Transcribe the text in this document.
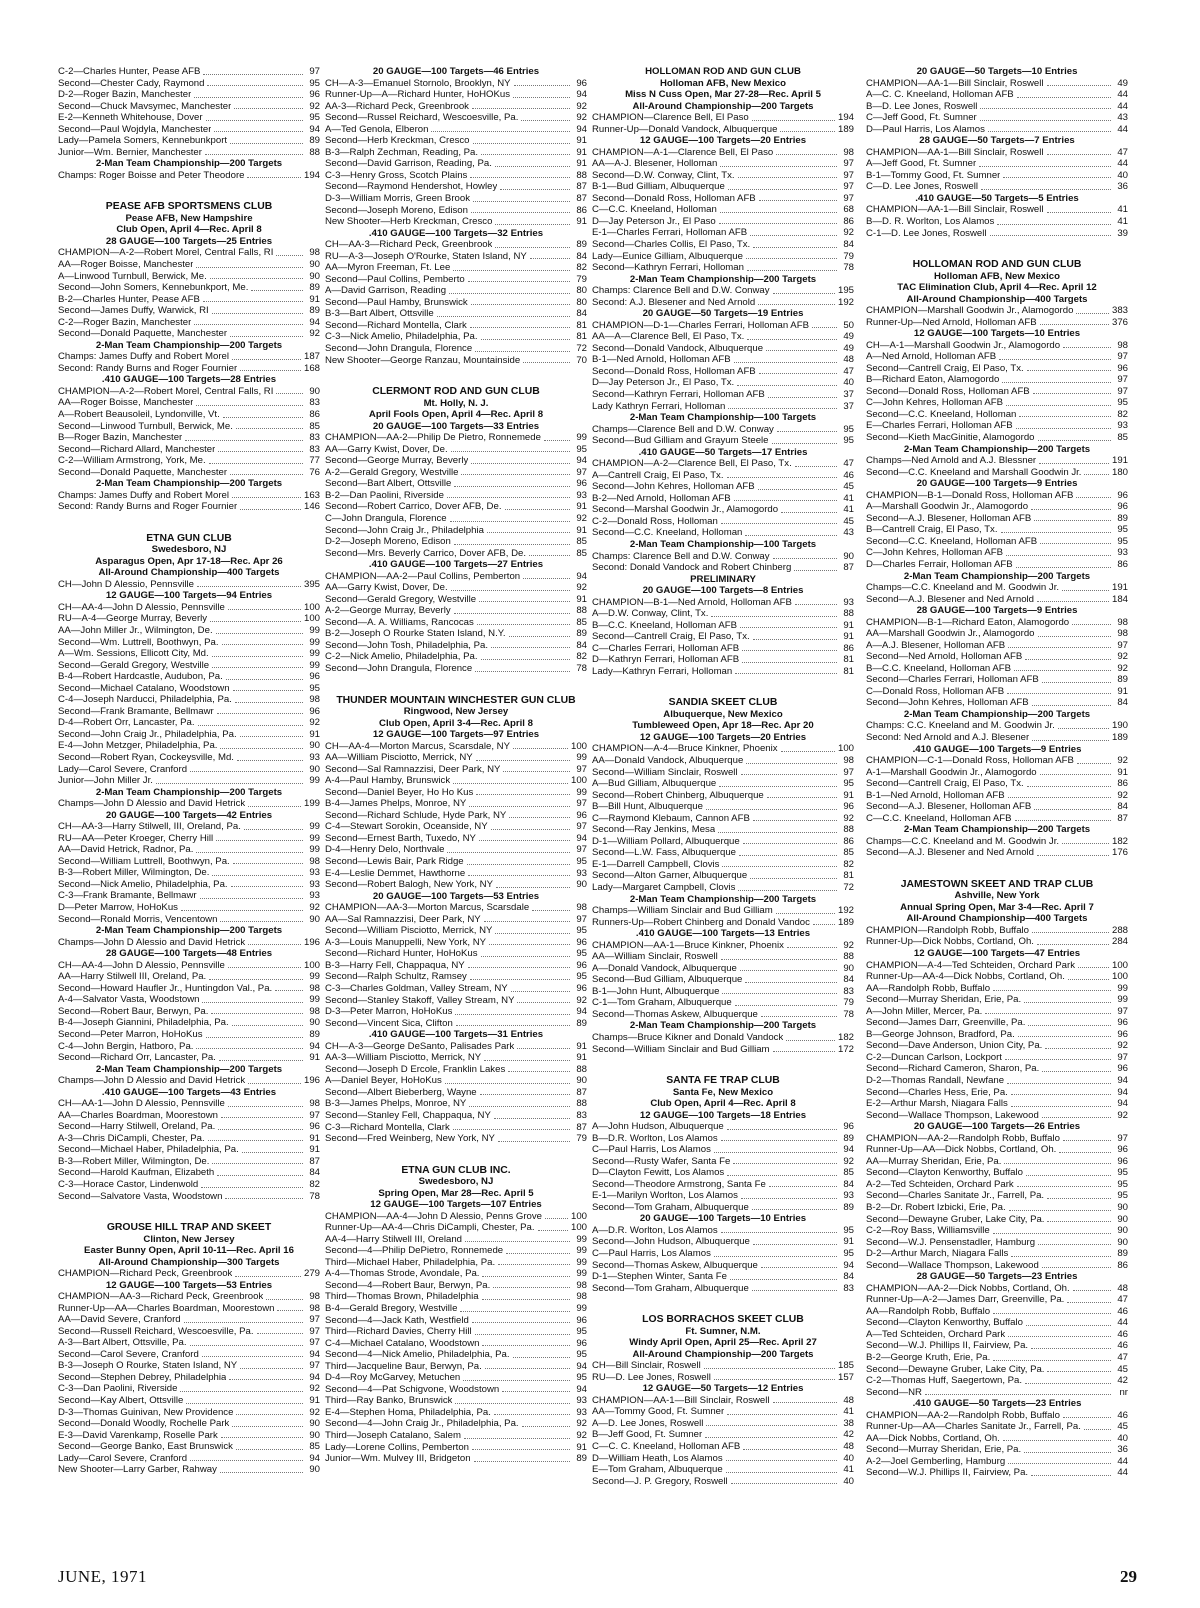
C-2—Charles Hunter, Pease AFB	97
Second—Chester Cady, Raymond	95
D-2—Roger Bazin, Manchester	96
Second—Chuck Mavsymec, Manchester	92
E-2—Kenneth Whitehouse, Dover	95
Second—Paul Wojdyla, Manchester	94
Lady—Pamela Somers, Kennebunkport	89
Junior—Wm. Bernier, Manchester	88
2-Man Team Championship—200 Targets
Champs: Roger Boisse and Peter Theodore	194
PEASE AFB SPORTSMENS CLUB
Pease AFB, New Hampshire
Club Open, April 4—Rec. April 8
28 GAUGE—100 Targets—25 Entries
CHAMPION—A-2—Robert Morel, Central Falls, RI	98
AA—Roger Boisse, Manchester	90
A—Linwood Turnbull, Berwick, Me.	90
Second—John Somers, Kennebunkport, Me.	89
B-2—Charles Hunter, Pease AFB	91
Second—James Duffy, Warwick, RI	89
C-2—Roger Bazin, Manchester	94
Second—Donald Paquette, Manchester	92
2-Man Team Championship—200 Targets
Champs: James Duffy and Robert Morel	187
Second: Randy Burns and Roger Fournier	168
.410 GAUGE—100 Targets—28 Entries
CHAMPION—A-2—Robert Morel, Central Falls, RI	90
AA—Roger Boisse, Manchester	83
A—Robert Beausoleil, Lyndonville, Vt.	86
Second—Linwood Turnbull, Berwick, Me.	85
B—Roger Bazin, Manchester	83
Second—Richard Allard, Manchester	83
C-2—William Armstrong, York, Me.	77
Second—Donald Paquette, Manchester	76
2-Man Team Championship—200 Targets
Champs: James Duffy and Robert Morel	163
Second: Randy Burns and Roger Fournier	146
ETNA GUN CLUB
Swedesboro, NJ
Asparagus Open, Apr 17-18—Rec. Apr 26
All-Around Championship—400 Targets
CH—John D Alessio, Pennsville	395
12 GAUGE—100 Targets—94 Entries
CH—AA-4—John D Alessio, Pennsville	100
RU—A-4—George Murray, Beverly	100
AA—John Miller Jr., Wilmington, De.	99
Second—Wm. Luttrell, Boothwyn, Pa.	99
A—Wm. Sessions, Ellicott City, Md.	99
Second—Gerald Gregory, Westville	99
B-4—Robert Hardcastle, Audubon, Pa.	96
Second—Michael Catalano, Woodstown	95
C-4—Joseph Narducci, Philadelphia, Pa.	98
Second—Frank Bramante, Bellmawr	96
D-4—Robert Orr, Lancaster, Pa.	92
Second—John Craig Jr., Philadelphia, Pa.	91
E-4—John Metzger, Philadelphia, Pa.	90
Second—Robert Ryan, Cockeysville, Md.	93
Lady—Carol Severe, Cranford	90
Junior—John Miller Jr.	99
2-Man Team Championship—200 Targets
Champs—John D Alessio and David Hetrick	199
20 GAUGE—100 Targets—42 Entries
CH—AA-3—Harry Stilwell, III, Oreland, Pa.	99
RU—AA—Peter Kroeger, Cherry Hill	99
AA—David Hetrick, Radnor, Pa.	99
Second—William Luttrell, Boothwyn, Pa.	98
B-3—Robert Miller, Wilmington, De.	93
Second—Nick Amelio, Philadelphia, Pa.	93
C-3—Frank Bramante, Bellmawr	93
D—Peter Marrow, HoHoKus	92
Second—Ronald Morris, Vencentown	90
2-Man Team Championship—200 Targets
Champs—John D Alessio and David Hetrick	196
28 GAUGE—100 Targets—48 Entries
CH—AA-4—John D Alessio, Pennsville	100
AA—Harry Stilwell III, Oreland, Pa.	99
Second—Howard Haufler Jr., Huntingdon Val., Pa.	98
A-4—Salvator Vasta, Woodstown	99
Second—Robert Baur, Berwyn, Pa.	98
B-4—Joseph Giannini, Philadelphia, Pa.	90
Second—Peter Marron, HoHoKus	89
C-4—John Bergin, Hatboro, Pa.	94
Second—Richard Orr, Lancaster, Pa.	91
2-Man Team Championship—200 Targets
Champs—John D Alessio and David Hetrick	196
.410 GAUGE—100 Targets—43 Entries
CH—AA-1—John D Alessio, Pennsville	98
AA—Charles Boardman, Moorestown	97
Second—Harry Stilwell, Oreland, Pa.	96
A-3—Chris DiCampli, Chester, Pa.	91
Second—Michael Haber, Philadelphia, Pa.	91
B-3—Robert Miller, Wilmington, De.	87
Second—Harold Kaufman, Elizabeth	84
C-3—Horace Castor, Lindenwold	82
Second—Salvatore Vasta, Woodstown	78
GROUSE HILL TRAP AND SKEET
Clinton, New Jersey
Easter Bunny Open, April 10-11—Rec. April 16
All-Around Championship—300 Targets
CHAMPION—Richard Peck, Greenbrook	279
12 GAUGE—100 Targets—53 Entries
CHAMPION—AA-3—Richard Peck, Greenbrook	98
Runner-Up—AA—Charles Boardman, Moorestown	98
AA—David Severe, Cranford	97
Second—Russell Reichard, Wescoesville, Pa.	97
A-3—Bart Albert, Ottsville, Pa.	97
Second—Carol Severe, Cranford	94
B-3—Joseph O Rourke, Staten Island, NY	97
Second—Stephen Debrey, Philadelphia	94
C-3—Dan Paolini, Riverside	92
Second—Kay Albert, Ottsville	91
D-3—Thomas Guinivan, New Providence	92
Second—Donald Woodly, Rochelle Park	90
E-3—David Varenkamp, Roselle Park	90
Second—George Banko, East Brunswick	85
Lady—Carol Severe, Cranford	94
New Shooter—Larry Garber, Rahway	90
20 GAUGE—100 Targets—46 Entries
CH—A-3—Emanuel Stornolo, Brooklyn, NY	96
Runner-Up—A—Richard Hunter, HoHOKus	94
AA-3—Richard Peck, Greenbrook	92
Second—Russel Reichard, Wescoesville, Pa.	92
A—Ted Genola, Elberon	94
Second—Herb Kreckman, Cresco	91
B-3—Ralph Zechman, Reading, Pa.	91
Second—David Garrison, Reading, Pa.	91
C-3—Henry Gross, Scotch Plains	88
Second—Raymond Hendershot, Howley	87
D-3—William Morris, Green Brook	87
Second—Joseph Moreno, Edison	86
New Shooter—Herb Kreckman, Cresco	91
.410 GAUGE—100 Targets—32 Entries
CH—AA-3—Richard Peck, Greenbrook	89
RU—A-3—Joseph O'Rourke, Staten Island, NY	84
AA—Myron Freeman, Ft. Lee	82
Second—Paul Collins, Pemberto	79
A—David Garrison, Reading	80
Second—Paul Hamby, Brunswick	80
B-3—Bart Albert, Ottsville	84
Second—Richard Montella, Clark	81
C-3—Nick Amelio, Philadelphia, Pa.	81
Second—John Drangula, Florence	72
New Shooter—George Ranzau, Mountainside	70
CLERMONT ROD AND GUN CLUB
Mt. Holly, N. J.
April Fools Open, April 4—Rec. April 8
20 GAUGE—100 Targets—33 Entries
CHAMPION—AA-2—Philip De Pietro, Ronnemede	99
AA—Garry Kwist, Dover, De.	95
Second—George Murray, Beverly	94
A-2—Gerald Gregory, Westville	97
Second—Bart Albert, Ottsville	96
B-2—Dan Paolini, Riverside	93
Second—Robert Carrico, Dover AFB, De.	91
C—John Drangula, Florence	92
Second—John Craig Jr., Philadelphia	91
D-2—Joseph Moreno, Edison	85
Second—Mrs. Beverly Carrico, Dover AFB, De.	85
.410 GAUGE—100 Targets—27 Entries
CHAMPION—AA-2—Paul Collins, Pemberton	94
AA—Garry Kwist, Dover, De.	92
Second—Gerald Gregory, Westville	91
A-2—George Murray, Beverly	88
Second—A. A. Williams, Rancocas	85
B-2—Joseph O Rourke Staten Island, N.Y.	89
Second—John Tosh, Philadelphia, Pa.	84
C-2—Nick Amelio, Philadelphia, Pa.	82
Second—John Drangula, Florence	78
THUNDER MOUNTAIN WINCHESTER GUN CLUB
Ringwood, New Jersey
Club Open, April 3-4—Rec. April 8
12 GAUGE—100 Targets—97 Entries
CH—AA-4—Morton Marcus, Scarsdale, NY	100
AA—William Pisciotto, Merrick, NY	99
Second—Sal Ramnazzisi, Deer Park, NY	97
A-4—Paul Hamby, Brunswick	100
Second—Daniel Beyer, Ho Ho Kus	99
B-4—James Phelps, Monroe, NY	97
Second—Richard Schlude, Hyde Park, NY	96
C-4—Stewart Sorokin, Oceanside, NY	97
Second—Ernest Barth, Tuxedo, NY	94
D-4—Henry Delo, Northvale	97
Second—Lewis Bair, Park Ridge	95
E-4—Leslie Demmet, Hawthorne	93
Second—Robert Balogh, New York, NY	90
20 GAUGE—100 Targets—53 Entries
CHAMPION—AA-3—Morton Marcus, Scarsdale	98
AA—Sal Ramnazzisi, Deer Park, NY	97
Second—William Pisciotto, Merrick, NY	95
A-3—Louis Manuppelli, New York, NY	96
Second—Richard Hunter, HoHoKus	95
B-3—Harry Fell, Chappaqua, NY	96
Second—Ralph Schultz, Ramsey	95
C-3—Charles Goldman, Valley Stream, NY	96
Second—Stanley Stakoff, Valley Stream, NY	92
D-3—Peter Marron, HoHoKus	94
Second—Vincent Sica, Clifton	89
.410 GAUGE—100 Targets—31 Entries
CH—A-3—George DeSanto, Palisades Park	91
AA-3—William Pisciotto, Merrick, NY	91
Second—Joseph D Ercole, Franklin Lakes	88
A—Daniel Beyer, HoHoKus	90
Second—Albert Bieberberg, Wayne	87
B-3—James Phelps, Monroe, NY	88
Second—Stanley Fell, Chappaqua, NY	83
C-3—Richard Montella, Clark	87
Second—Fred Weinberg, New York, NY	79
ETNA GUN CLUB INC.
Swedesboro, NJ
Spring Open, Mar 28—Rec. April 5
12 GAUGE—100 Targets—107 Entries
CHAMPION—AA-4—John D Alessio, Penns Grove	100
Runner-Up—AA-4—Chris DiCampli, Chester, Pa.	100
AA-4—Harry Stilwell III, Oreland	99
Second—4—Philip DePietro, Ronnemede	99
Third—Michael Haber, Philadelphia, Pa.	99
A-4—Thomas Strode, Avondale, Pa.	99
Second—4—Robert Baur, Berwyn, Pa.	98
Third—Thomas Brown, Philadelphia	98
B-4—Gerald Bregory, Westville	99
Second—4—Jack Kath, Westfield	96
Third—Richard Davies, Cherry Hill	95
C-4—Michael Catalano, Woodstown	96
Second—4—Nick Amelio, Philadelphia, Pa.	95
Third—Jacqueline Baur, Berwyn, Pa.	94
D-4—Roy McGarvey, Metuchen	95
Second—4—Pat Schigvone, Woodstown	94
Third—Ray Banko, Brunswick	93
E-4—Stephen Homa, Philadelphia, Pa.	93
Second—4—John Craig Jr., Philadelphia, Pa.	92
Third—Joseph Catalano, Salem	92
Lady—Lorene Collins, Pemberton	91
Junior—Wm. Mulvey III, Bridgeton	89
HOLLOMAN ROD AND GUN CLUB
Holloman AFB, New Mexico
Miss N Cuss Open, Mar 27-28—Rec. April 5
All-Around Championship—200 Targets
CHAMPION—Clarence Bell, El Paso	194
Runner-Up—Donald Vandock, Albuquerque	189
12 GAUGE—100 Targets—20 Entries
CHAMPION—A-1—Clarence Bell, El Paso	98
AA—A-J. Blesener, Holloman	97
Second—D.W. Conway, Clint, Tx.	97
B-1—Bud Gilliam, Albuquerque	97
Second—Donald Ross, Holloman AFB	97
C—C.C. Kneeland, Holloman	68
D—Jay Peterson Jr., El Paso	86
E-1—Charles Ferrari, Holloman AFB	92
Second—Charles Collis, El Paso, Tx.	84
Lady—Eunice Gilliam, Albuquerque	79
Second—Kathryn Ferrari, Holloman	78
2-Man Team Championship—200 Targets
Champs: Clarence Bell and D.W. Conway	195
Second: A.J. Blesener and Ned Arnold	192
20 GAUGE—50 Targets—19 Entries
CHAMPION—D-1—Charles Ferrari, Holloman AFB	50
AA—A—Clarence Bell, El Paso, Tx.	49
Second—Donald Vandock, Albuquerque	49
B-1—Ned Arnold, Holloman AFB	48
Second—Donald Ross, Holloman AFB	47
D—Jay Peterson Jr., El Paso, Tx.	40
Second—Kathryn Ferrari, Holloman AFB	37
Lady Kathryn Ferrari, Holloman	37
2-Man Team Championship—100 Targets
Champs—Clarence Bell and D.W. Conway	95
Second—Bud Gilliam and Grayum Steele	95
.410 GAUGE—50 Targets—17 Entries
CHAMPION—A-2—Clarence Bell, El Paso, Tx.	47
A—Cantrell Craig, El Paso, Tx.	46
Second—John Kehres, Holloman AFB	45
B-2—Ned Arnold, Holloman AFB	41
Second—Marshal Goodwin Jr., Alamogordo	41
C-2—Donald Ross, Holloman	45
Second—C.C. Kneeland, Holloman	43
2-Man Team Championship—100 Targets
Champs: Clarence Bell and D.W. Conway	90
Second: Donald Vandock and Robert Chinberg	87
PRELIMINARY
20 GAUGE—100 Targets—8 Entries
CHAMPION—B-1—Ned Arnold, Holloman AFB	93
A—D.W. Conway, Clint, Tx.	88
B—C.C. Kneeland, Holloman AFB	91
Second—Cantrell Craig, El Paso, Tx.	91
C—Charles Ferrari, Holloman AFB	86
D—Kathryn Ferrari, Holloman AFB	81
Lady—Kathryn Ferrari, Holloman	81
SANDIA SKEET CLUB
Albuquerque, New Mexico
Tumbleweed Open, Apr 18—Rec. Apr 20
12 GAUGE—100 Targets—20 Entries
CHAMPION—A-4—Bruce Kinkner, Phoenix	100
AA—Donald Vandock, Albuquerque	98
Second—William Sinclair, Roswell	97
A—Bud Gilliam, Albuquerque	95
Second—Robert Chinberg, Albuquerque	91
B—Bill Hunt, Albuquerque	96
C—Raymond Klebaum, Cannon AFB	92
Second—Ray Jenkins, Mesa	88
D-1—William Pollard, Albuquerque	86
Second—L.W. Fass, Albuquerque	85
E-1—Darrell Campbell, Clovis	82
Second—Alton Garner, Albuquerque	81
Lady—Margaret Campbell, Clovis	72
2-Man Team Championship—200 Targets
Champs—William Sinclair and Bud Gilliam	192
Runners-Up—Robert Chinberg and Donald Vandoc	189
.410 GAUGE—100 Targets—13 Entries
CHAMPION—AA-1—Bruce Kinkner, Phoenix	92
AA—William Sinclair, Roswell	88
A—Donald Vandock, Albuquerque	90
Second—Bud Gilliam, Albuquerque	84
B-1—John Hunt, Albuquerque	83
C-1—Tom Graham, Albuquerque	79
Second—Thomas Askew, Albuquerque	78
2-Man Team Championship—200 Targets
Champs—Bruce Kikner and Donald Vandock	182
Second—William Sinclair and Bud Gilliam	172
SANTA FE TRAP CLUB
Santa Fe, New Mexico
Club Open, April 4—Rec. April 8
12 GAUGE—100 Targets—18 Entries
A—John Hudson, Albuquerque	96
B—D.R. Worlton, Los Alamos	89
C—Paul Harris, Los Alamos	94
Second—Rusty Wafer, Santa Fe	92
D—Clayton Fewitt, Los Alamos	85
Second—Theodore Armstrong, Santa Fe	84
E-1—Marilyn Worlton, Los Alamos	93
Second—Tom Graham, Albuquerque	89
20 GAUGE—100 Targets—10 Entries
A—D.R. Worlton, Los Alamos	95
Second—John Hudson, Albuquerque	91
C—Paul Harris, Los Alamos	95
Second—Thomas Askew, Albuquerque	94
D-1—Stephen Winter, Santa Fe	84
Second—Tom Graham, Albuquerque	83
LOS BORRACHOS SKEET CLUB
Ft. Sumner, N.M.
Windy April Open, April 25—Rec. April 27
All-Around Championship—200 Targets
CH—Bill Sinclair, Roswell	185
RU—D. Lee Jones, Roswell	157
12 GAUGE—50 Targets—12 Entries
CHAMPION—AA-1—Bill Sinclair, Roswell	48
AA—Tommy Good, Ft. Sumner	41
A—D. Lee Jones, Roswell	38
B—Jeff Good, Ft. Sumner	42
C—C. C. Kneeland, Holloman AFB	48
D—William Heath, Los Alamos	40
E—Tom Graham, Albuquerque	41
Second—J. P. Gregory, Roswell	40
20 GAUGE—50 Targets—10 Entries
CHAMPION—AA-1—Bill Sinclair, Roswell	49
A—C. C. Kneeland, Holloman AFB	44
B—D. Lee Jones, Roswell	44
C—Jeff Good, Ft. Sumner	43
D—Paul Harris, Los Alamos	44
28 GAUGE—50 Targets—7 Entries
CHAMPION—AA-1—Bill Sinclair, Roswell	47
A—Jeff Good, Ft. Sumner	44
B-1—Tommy Good, Ft. Sumner	40
C—D. Lee Jones, Roswell	36
.410 GAUGE—50 Targets—5 Entries
CHAMPION—AA-1—Bill Sinclair, Roswell	41
B—D. R. Worlton, Los Alamos	41
C-1—D. Lee Jones, Roswell	39
HOLLOMAN ROD AND GUN CLUB
Holloman AFB, New Mexico
TAC Elimination Club, April 4—Rec. April 12
All-Around Championship—400 Targets
CHAMPION—Marshall Goodwin Jr., Alamogordo	383
Runner-Up—Ned Arnold, Holloman AFB	376
12 GAUGE—100 Targets—10 Entries
CH—A-1—Marshall Goodwin Jr., Alamogordo	98
A—Ned Arnold, Holloman AFB	97
Second—Cantrell Craig, El Paso, Tx.	96
B—Richard Eaton, Alamogordo	97
Second—Donald Ross, Holloman AFB	97
C—John Kehres, Holloman AFB	95
Second—C.C. Kneeland, Holloman	82
E—Charles Ferrari, Holloman AFB	93
Second—Kieth MacGinitie, Alamogordo	85
2-Man Team Championship—200 Targets
Champs—Ned Arnold and A.J. Blessner	191
Second—C.C. Kneeland and Marshall Goodwin Jr.	180
20 GAUGE—100 Targets—9 Entries
CHAMPION—B-1—Donald Ross, Holloman AFB	96
A—Marshall Goodwin Jr., Alamogordo	96
Second—A.J. Blesener, Holloman AFB	89
B—Cantrell Craig, El Paso, Tx.	95
Second—C.C. Kneeland, Holloman AFB	95
C—John Kehres, Holloman AFB	93
D—Charles Ferrair, Holloman AFB	86
2-Man Team Championship—200 Targets
Champs—C.C. Kneeland and M. Goodwin Jr.	191
Second—A.J. Blesener and Ned Arnold	184
28 GAUGE—100 Targets—9 Entries
CHAMPION—B-1—Richard Eaton, Alamogordo	98
AA—Marshall Goodwin Jr., Alamogordo	98
A—A.J. Blesener, Holloman AFB	97
Second—Ned Arnold, Holloman AFB	92
B—C.C. Kneeland, Holloman AFB	92
Second—Charles Ferrari, Holloman AFB	89
C—Donald Ross, Holloman AFB	91
Second—John Kehres, Holloman AFB	84
2-Man Team Championship—200 Targets
Champs: C.C. Kneeland and M. Goodwin Jr.	190
Second: Ned Arnold and A.J. Blesener	189
.410 GAUGE—100 Targets—9 Entries
CHAMPION—C-1—Donald Ross, Holloman AFB	92
A-1—Marshall Goodwin Jr., Alamogordo	91
Second—Cantrell Craig, El Paso, Tx.	86
B-1—Ned Arnold, Holloman AFB	92
Second—A.J. Blesener, Holloman AFB	84
C—C.C. Kneeland, Holloman AFB	87
2-Man Team Championship—200 Targets
Champs—C.C. Kneeland and M. Goodwin Jr.	182
Second—A.J. Blesener and Ned Arnold	176
JAMESTOWN SKEET AND TRAP CLUB
Ashville, New York
Annual Spring Open, Mar 3-4—Rec. April 7
All-Around Championship—400 Targets
CHAMPION—Randolph Robb, Buffalo	288
Runner-Up—Dick Nobbs, Cortland, Oh.	284
12 GAUGE—100 Targets—47 Entries
CHAMPION—A-4—Ted Schteiden, Orchard Park	100
Runner-Up—AA-4—Dick Nobbs, Cortland, Oh.	100
AA—Randolph Robb, Buffalo	99
Second—Murray Sheridan, Erie, Pa.	99
A—John Miller, Mercer, Pa.	97
Second—James Darr, Greenville, Pa.	96
B—George Johnson, Bradford, Pa.	96
Second—Dave Anderson, Union City, Pa.	92
C-2—Duncan Carlson, Lockport	97
Second—Richard Cameron, Sharon, Pa.	96
D-2—Thomas Randall, Newfane	94
Second—Charles Hess, Erie, Pa.	94
E-2—Arthur Marsh, Niagara Falls	94
Second—Wallace Thompson, Lakewood	92
20 GAUGE—100 Targets—26 Entries
CHAMPION—AA-2—Randolph Robb, Buffalo	97
Runner-Up—AA—Dick Nobbs, Cortland, Oh.	96
AA—Murray Sheridan, Erie, Pa.	96
Second—Clayton Kenworthy, Buffalo	95
A-2—Ted Schteiden, Orchard Park	95
Second—Charles Sanitate Jr., Farrell, Pa.	95
B-2—Dr. Robert Izbicki, Erie, Pa.	90
Second—Dewayne Gruber, Lake City, Pa.	90
C-2—Roy Bass, Williamsville	90
Second—W.J. Pensenstadler, Hamburg	90
D-2—Arthur March, Niagara Falls	89
Second—Wallace Thompson, Lakewood	86
28 GAUGE—50 Targets—23 Entries
CHAMPION—AA-2—Dick Nobbs, Cortland, Oh.	48
Runner-Up—A-2—James Darr, Greenville, Pa.	47
AA—Randolph Robb, Buffalo	46
Second—Clayton Kenworthy, Buffalo	44
A—Ted Schteiden, Orchard Park	46
Second—W.J. Phillips II, Fairview, Pa.	46
B-2—George Kruth, Erie, Pa.	47
Second—Dewayne Gruber, Lake City, Pa.	45
C-2—Thomas Huff, Saegertown, Pa.	42
Second—NR	nr
.410 GAUGE—50 Targets—23 Entries
CHAMPION—AA-2—Randolph Robb, Buffalo	46
Runner-Up—AA—Charles Sanitate Jr., Farrell, Pa.	45
AA—Dick Nobbs, Cortland, Oh.	40
Second—Murray Sheridan, Erie, Pa.	36
A-2—Joel Gemberling, Hamburg	44
Second—W.J. Phillips II, Fairview, Pa.	44
JUNE, 1971	29
